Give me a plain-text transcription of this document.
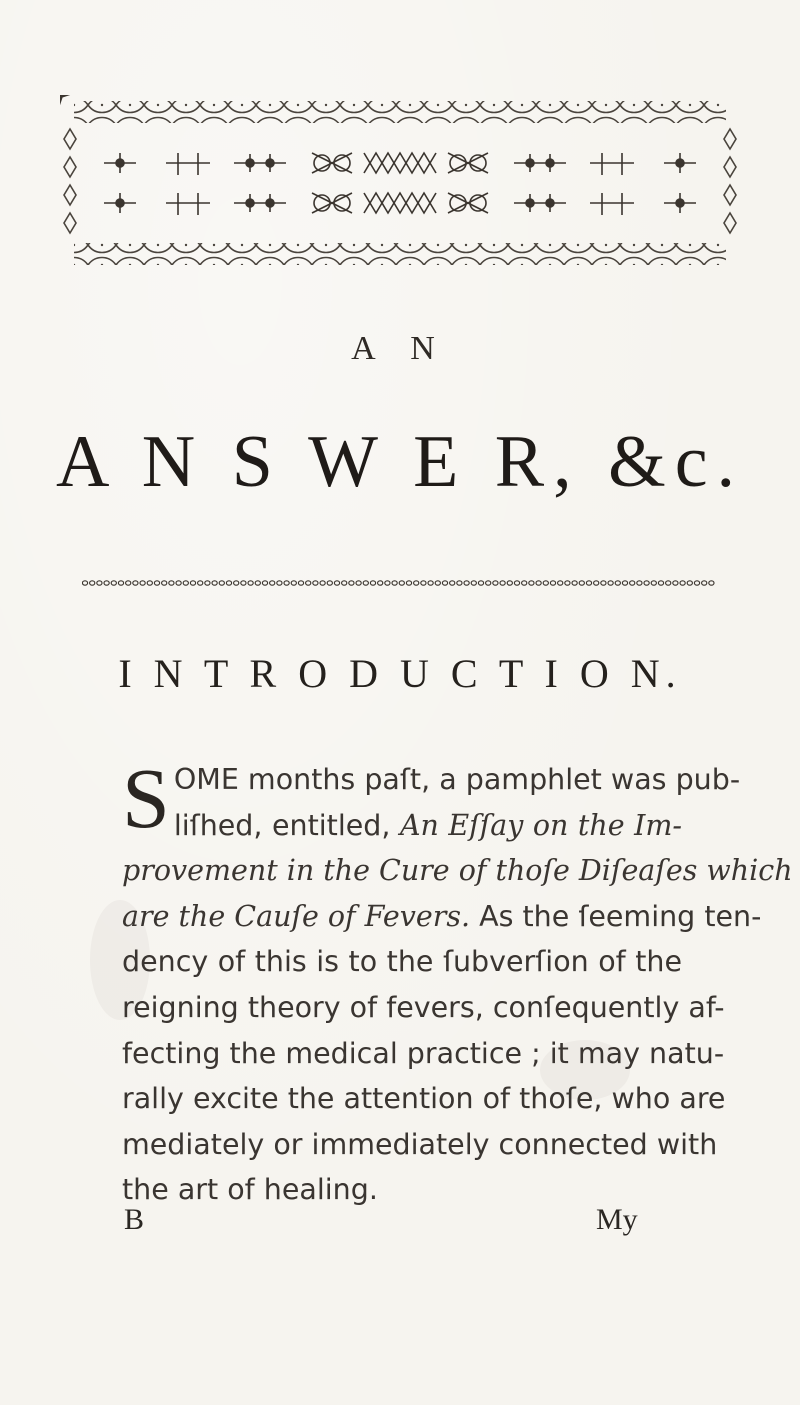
A N
A N S W E R, &c.
I N T R O D U C T I O N.
S OME months paſt, a pamphlet was pub-
liſhed, entitled, An Eſſay on the Im-
provement in the Cure of thoſe Diſeaſes which
are the Cauſe of Fevers. As the ſeeming ten-
dency of this is to the ſubverſion of the
reigning theory of fevers, conſequently af-
fecting the medical practice ; it may natu-
rally excite the attention of thoſe, who are
mediately or immediately connected with
the art of healing.
B	My
